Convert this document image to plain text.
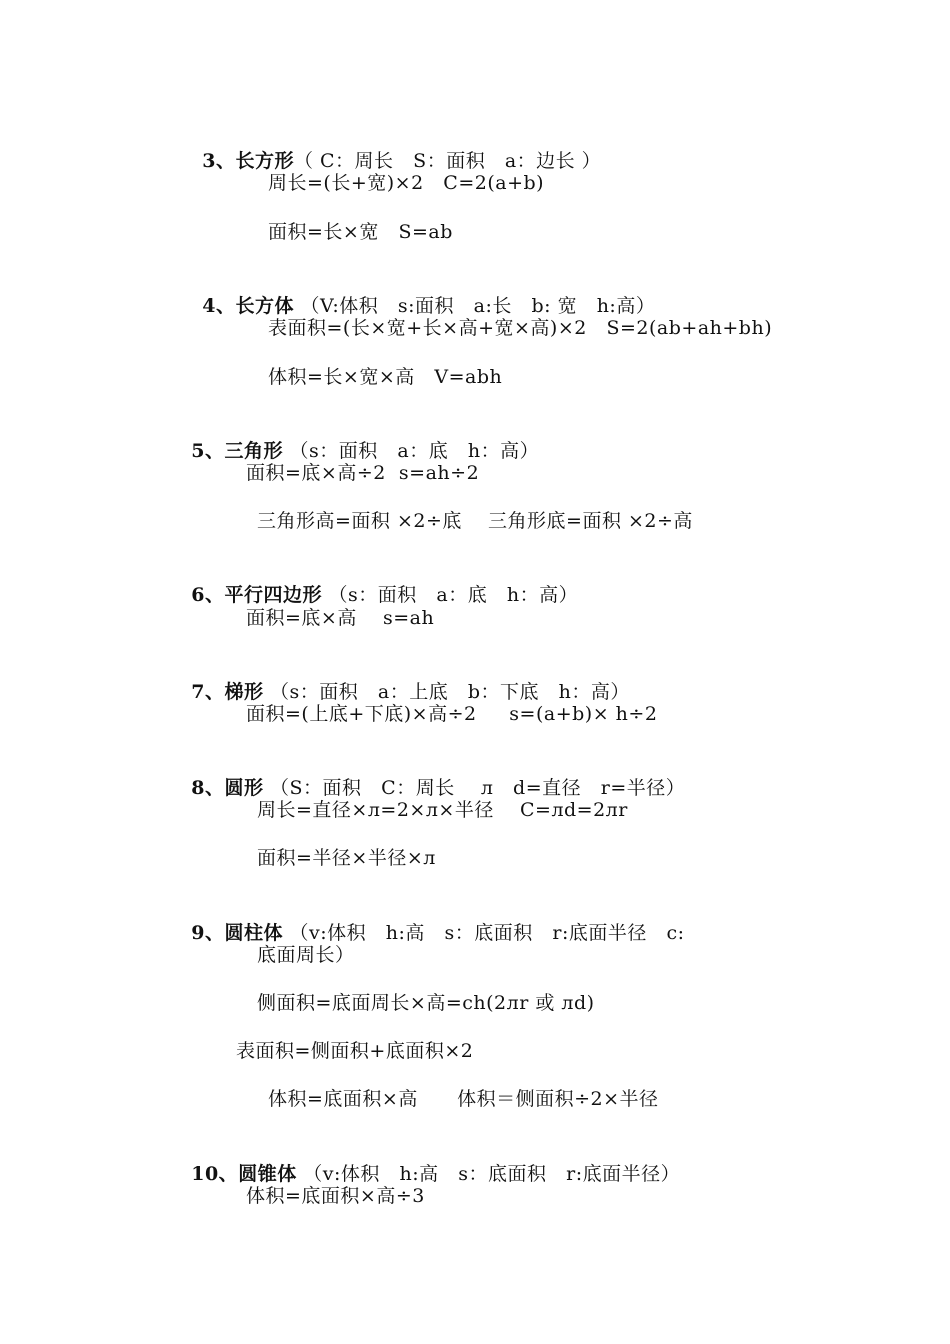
3、长方形（ C：周长   S：面积   a：边长 ）

周长=(长+宽)×2   C=2(a+b)
面积=长×宽   S=ab

4、长方体 （V:体积   s:面积   a:长   b: 宽   h:高）

表面积=(长×宽+长×高+宽×高)×2   S=2(ab+ah+bh)
体积=长×宽×高   V=abh

5、三角形 （s：面积   a：底   h：高）

面积=底×高÷2  s=ah÷2
三角形高=面积 ×2÷底    三角形底=面积 ×2÷高

6、平行四边形 （s：面积   a：底   h：高）

面积=底×高    s=ah

7、梯形 （s：面积   a：上底   b：下底   h：高）

面积=(上底+下底)×高÷2     s=(a+b)× h÷2

8、圆形 （S：面积   C：周长    л   d=直径   r=半径）

周长=直径×л=2×л×半径    C=лd=2лr
面积=半径×半径×л

9、圆柱体 （v:体积   h:高   s：底面积   r:底面半径   c:

底面周长）
侧面积=底面周长×高=ch(2лr 或 лd)
表面积=侧面积+底面积×2
体积=底面积×高      体积＝侧面积÷2×半径

10、圆锥体 （v:体积   h:高   s：底面积   r:底面半径）

体积=底面积×高÷3
